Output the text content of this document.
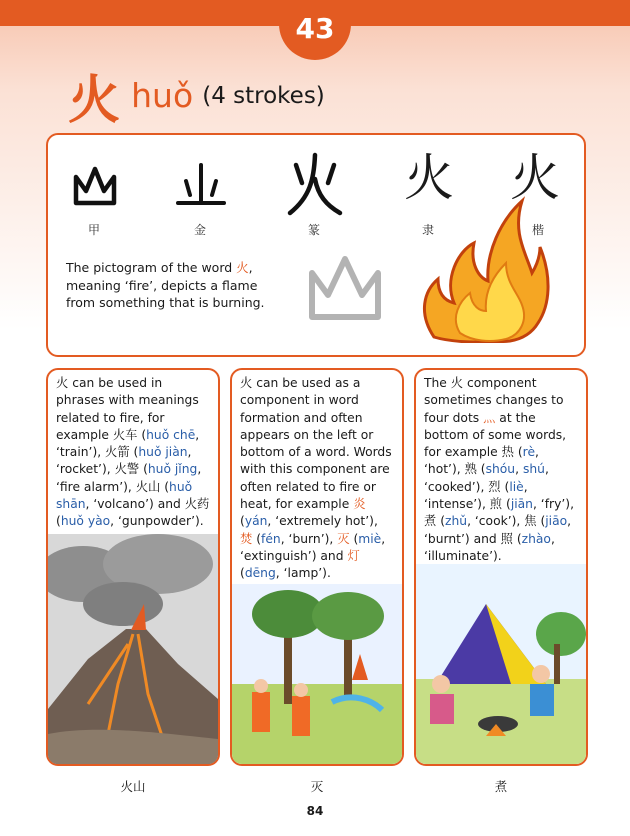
43
火 huǒ (4 strokes)
火 火
甲	金	篆	隶	楷
The pictogram of the word 火, meaning ‘fire’, depicts a flame from something that is burning.
火 can be used in phrases with meanings related to fire, for example 火车 (huǒ chē, ‘train’), 火箭 (huǒ jiàn, ‘rocket’), 火警 (huǒ jǐng, ‘fire alarm’), 火山 (huǒ shān, ‘volcano’) and 火药 (huǒ yào, ‘gunpowder’).
火 can be used as a component in word formation and often appears on the left or bottom of a word. Words with this component are often related to fire or heat, for example 炎 (yán, ‘extremely hot’), 焚 (fén, ‘burn’), 灭 (miè, ‘extinguish’) and 灯 (dēng, ‘lamp’).
The 火 component sometimes changes to four dots 灬 at the bottom of some words, for example 热 (rè, ‘hot’), 熟 (shóu, shú, ‘cooked’), 烈 (liè, ‘intense’), 煎 (jiān, ‘fry’), 煮 (zhǔ, ‘cook’), 焦 (jiāo, ‘burnt’) and 照 (zhào, ‘illuminate’).
火山	灭	煮
84
